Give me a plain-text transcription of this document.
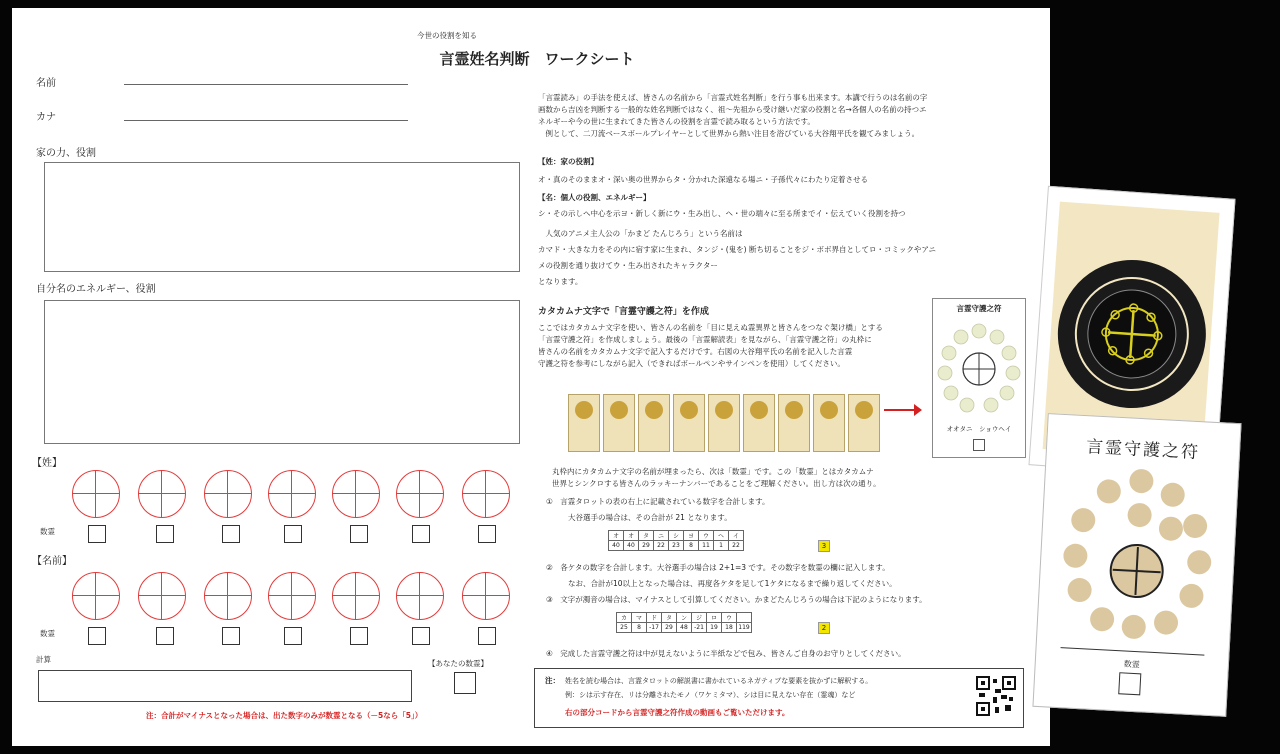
今世の役割を知る
言霊姓名判断　ワークシート
名前
カナ
家の力、役割
自分名のエネルギー、役割
【姓】
数霊
【名前】
数霊
計算	【あなたの数霊】
注：合計がマイナスとなった場合は、出た数字のみが数霊となる（－5なら「5」）
「言霊読み」の手法を使えば、皆さんの名前から「言霊式姓名判断」を行う事も出来ます。本講で行うのは名前の字
画数から吉凶を判断する一般的な姓名判断ではなく、祖～先祖から受け継いだ家の役割と名→各個人の名前の持つエ
ネルギーや今の世に生まれてきた皆さんの役割を言霊で読み取るという方法です。
　例として、二刀流ベースボールプレイヤーとして世界から熱い注目を浴びている大谷翔平氏を観てみましょう。
【姓：家の役割】
オ・真のそのままオ・深い奥の世界からタ・分かれた深遠なる場ニ・子孫代々にわたり定着させる
【名：個人の役割、エネルギー】
シ・その示しへ中心を示ヨ・新しく新にウ・生み出し、ヘ・世の端々に至る所までイ・伝えていく役割を持つ
　人気のアニメ主人公の「かまど たんじろう」という名前は
カマド・大きな力をその内に宿す家に生まれ、タンジ・(鬼を) 断ち切ることをジ・ボボ界自としてロ・コミックやアニ
メの役割を通り抜けてウ・生み出されたキャラクター
となります。
カタカムナ文字で「言霊守護之符」を作成
ここではカタカムナ文字を使い、皆さんの名前を「目に見えぬ霊異界と皆さんをつなぐ架け橋」とする
「言霊守護之符」を作成しましょう。最後の「言霊解読表」を見ながら、「言霊守護之符」の丸枠に
皆さんの名前をカタカムナ文字で記入するだけです。右図の大谷翔平氏の名前を記入した言霊
守護之符を参考にしながら記入（できればボールペンやサインペンを使用）してください。
言霊守護之符
オオタニ　ショウヘイ
丸枠内にカタカムナ文字の名前が埋まったら、次は「数霊」です。この「数霊」とはカタカムナ
世界とシンクロする皆さんのラッキーナンバーであることをご理解ください。出し方は次の通り。
①　言霊タロットの表の右上に記載されている数字を合計します。
大谷選手の場合は、その合計が 21 となります。
オ	オ	タ	ニ	シ	ヨ	ウ	ヘ	イ
40	40	29	22	23	8	11	1	22	3
②　各ケタの数字を合計します。大谷選手の場合は 2+1=3 です。その数字を数霊の欄に記入します。
なお、合計が10以上となった場合は、再度各ケタを足して1ケタになるまで繰り返してください。
③　文字が濁音の場合は、マイナスとして引算してください。かまどたんじろうの場合は下記のようになります。
カ	マ	ド	タ	ン	ジ	ロ	ウ	
25	8	-17	29	48	-21	19	18	119	2
④　完成した言霊守護之符は中が見えないように半紙などで包み、皆さんご自身のお守りとしてください。
注： 姓名を読む場合は、言霊タロットの解説書に書かれているネガティブな要素を抜かずに解釈する。
例：シは示す存在、リは分離されたモノ（ワケミタマ）、シは目に見えない存在（霊魂）など
右の部分コードから言霊守護之符作成の動画もご覧いただけます。
言霊守護之符
数霊
